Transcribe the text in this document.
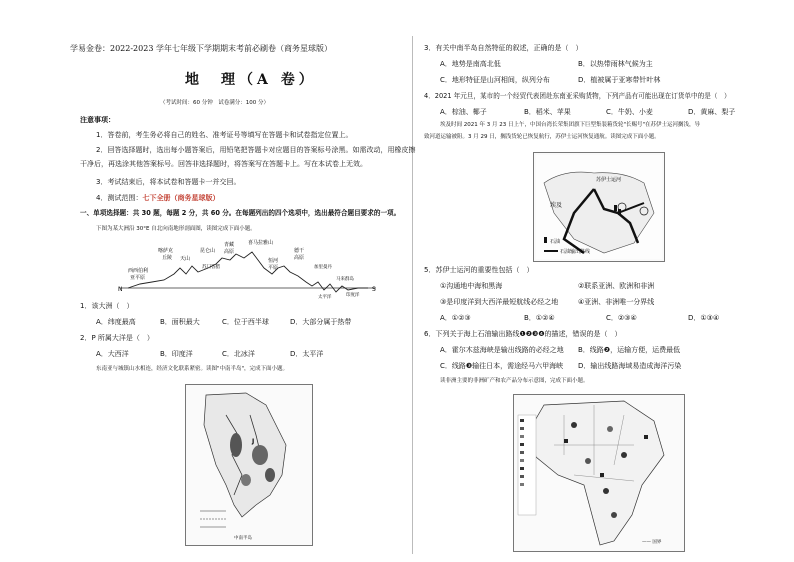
学易金卷：2022-2023 学年七年级下学期期末考前必刷卷（商务星球版）
地　理（A 卷）
（考试时间：60 分钟　试卷满分：100 分）
注意事项：
1．答卷前，考生务必将自己的姓名、准考证号等填写在答题卡和试卷指定位置上。
2．回答选择题时，选出每小题答案后，用铅笔把答题卡对应题目的答案标号涂黑。如需改动，用橡皮擦
干净后，再选涂其他答案标号。回答非选择题时，将答案写在答题卡上。写在本试卷上无效。
3．考试结束后，将本试卷和答题卡一并交回。
4．测试范围：七下全册（商务星球版）
一、单项选择题：共 30 题，每题 2 分，共 60 分。在每题列出的四个选项中，选出最符合题目要求的一项。
下图为某大洲沿 30°E 自北向南地形剖面图，读图完成下面小题。
N	S
西西伯利
亚平原
喀萨克
丘陵 天山
青藏
高原
昆仑山
喜马拉雅山
恒河
平原
德干
高原
苏门答腊	加里曼丹
马来群岛
印度洋
太平洋
1．该大洲（　）
A．纬度最高	B．面积最大	C．位于西半球	D．大部分属于热带
2．P 所属大洋是（　）
A．大西洋	B．印度洋	C．北冰洋	D．太平洋
东南亚与城镇山水相连，经济文化联系紧密。读图"中南半岛"，完成下面小题。
J
中南半岛
3．有关中南半岛自然特征的叙述，正确的是（　）
A．地势是南高北低	B．以热带雨林气候为主
C．地形特征是山河相间，纵列分布	D．植被属于亚寒带针叶林
4．2021 年元旦，某市的一个经贸代表团赴东南亚采购货物，下列产品有可能出现在订货单中的是（　）
A．棕油、椰子	B．稻米、苹果	C．牛奶、小麦	D．黄麻、梨子
埃及时间 2021 年 3 月 23 日上午，中国台湾长荣集团旗下巨型集装箱货轮"长赐号"在苏伊士运河搁浅，导
致河道运输被阻。3 月 29 日，搁浅货轮已恢复航行，苏伊士运河恢复通航。读图完成下面小题。
苏伊士运河
埃及
石油
石油输出路线
5．苏伊士运河的重要性包括（　）
①沟通地中海和黑海	②联系亚洲、欧洲和非洲
③是印度洋到大西洋最短航线必经之地	④亚洲、非洲唯一分界线
A．①②③	B．①②④	C．②③④	D．①③④
6．下列关于海上石油输出路线❶❷❸❹的描述，错误的是（　）
A．霍尔木兹海峡是输出线路的必经之地 B．线路❷，运输方便，运费最低
C．线路❸输往日本，需途经马六甲海峡 D．输出线路海域易造成海洋污染
读非洲主要的非洲矿产和农产品分布示意图，完成下面小题。
—— 国界
